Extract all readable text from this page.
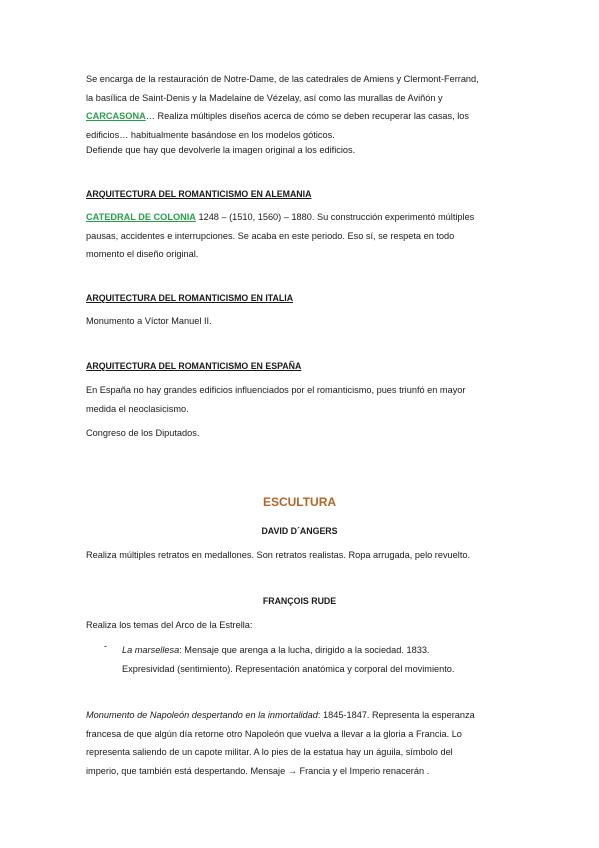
Se encarga de la restauración de Notre-Dame, de las catedrales de Amiens y Clermont-Ferrand,
la basílica de Saint-Denis y la Madelaine de Vézelay, así como las murallas de Aviñón y
CARCASONA… Realiza múltiples diseños acerca de cómo se deben recuperar las casas, los
edificios… habitualmente basándose en los modelos góticos.

Defiende que hay que devolverle la imagen original a los edificios.

ARQUITECTURA DEL ROMANTICISMO EN ALEMANIA

CATEDRAL DE COLONIA 1248 – (1510, 1560) – 1880. Su construcción experimentó múltiples
pausas, accidentes e interrupciones. Se acaba en este periodo. Eso sí, se respeta en todo
momento el diseño original.

ARQUITECTURA DEL ROMANTICISMO EN ITALIA

Monumento a Víctor Manuel II.

ARQUITECTURA DEL ROMANTICISMO EN ESPAÑA

En España no hay grandes edificios influenciados por el romanticismo, pues triunfó en mayor
medida el neoclasicismo.

Congreso de los Diputados.

ESCULTURA

DAVID D´ANGERS

Realiza múltiples retratos en medallones. Son retratos realistas. Ropa arrugada, pelo revuelto.

FRANÇOIS RUDE

Realiza los temas del Arco de la Estrella:

- La marsellesa: Mensaje que arenga a la lucha, dirigido a la sociedad. 1833.
Expresividad (sentimiento). Representación anatómica y corporal del movimiento.
Monumento de Napoleón despertando en la inmortalidad: 1845-1847. Representa la esperanza
francesa de que algún día retorne otro Napoleón que vuelva a llevar a la gloria a Francia. Lo
representa saliendo de un capote militar. A lo pies de la estatua hay un águila, símbolo del
imperio, que también está despertando. Mensaje → Francia y el Imperio renacerán .
